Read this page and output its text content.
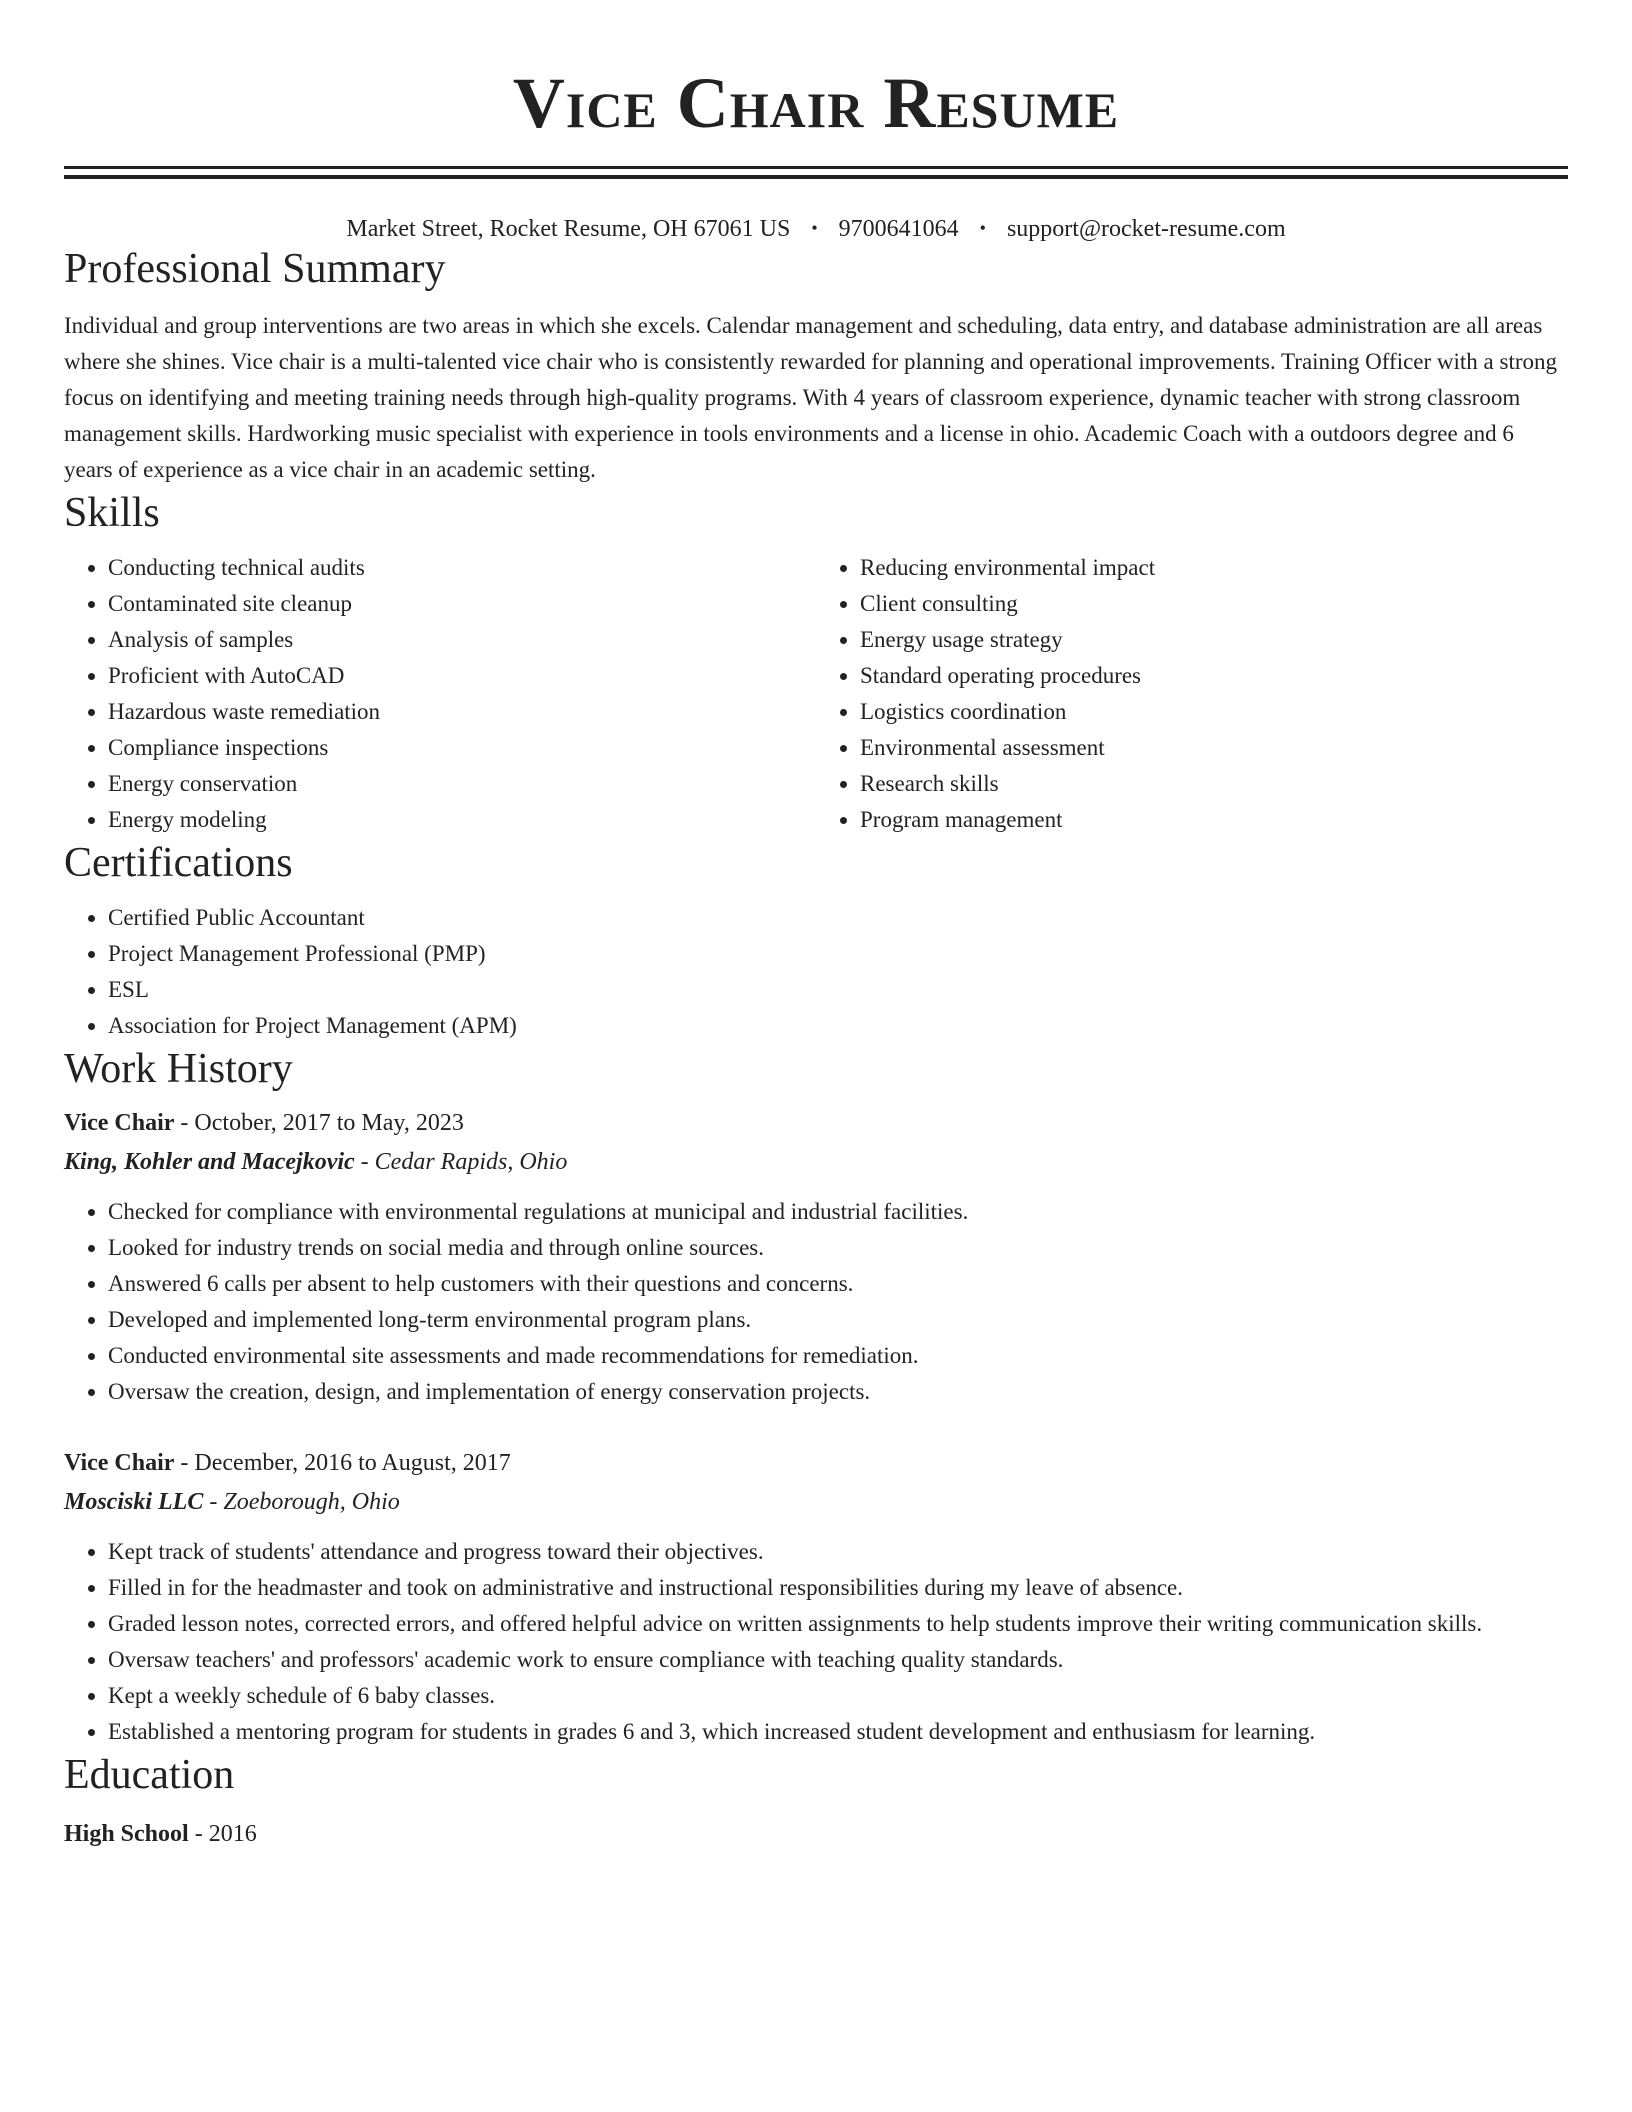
Vice Chair Resume
Market Street, Rocket Resume, OH 67061 US • 9700641064 • support@rocket-resume.com
Professional Summary

Individual and group interventions are two areas in which she excels. Calendar management and scheduling, data entry, and database administration are all areas where she shines. Vice chair is a multi-talented vice chair who is consistently rewarded for planning and operational improvements. Training Officer with a strong focus on identifying and meeting training needs through high-quality programs. With 4 years of classroom experience, dynamic teacher with strong classroom management skills. Hardworking music specialist with experience in tools environments and a license in ohio. Academic Coach with a outdoors degree and 6 years of experience as a vice chair in an academic setting.

Skills
• Conducting technical audits
• Contaminated site cleanup
• Analysis of samples
• Proficient with AutoCAD
• Hazardous waste remediation
• Compliance inspections
• Energy conservation
• Energy modeling
• Reducing environmental impact
• Client consulting
• Energy usage strategy
• Standard operating procedures
• Logistics coordination
• Environmental assessment
• Research skills
• Program management
Certifications
• Certified Public Accountant
• Project Management Professional (PMP)
• ESL
• Association for Project Management (APM)
Work History
Vice Chair - October, 2017 to May, 2023
King, Kohler and Macejkovic - Cedar Rapids, Ohio
• Checked for compliance with environmental regulations at municipal and industrial facilities.
• Looked for industry trends on social media and through online sources.
• Answered 6 calls per absent to help customers with their questions and concerns.
• Developed and implemented long-term environmental program plans.
• Conducted environmental site assessments and made recommendations for remediation.
• Oversaw the creation, design, and implementation of energy conservation projects.
Vice Chair - December, 2016 to August, 2017
Mosciski LLC - Zoeborough, Ohio
• Kept track of students' attendance and progress toward their objectives.
• Filled in for the headmaster and took on administrative and instructional responsibilities during my leave of absence.
• Graded lesson notes, corrected errors, and offered helpful advice on written assignments to help students improve their writing communication skills.
• Oversaw teachers' and professors' academic work to ensure compliance with teaching quality standards.
• Kept a weekly schedule of 6 baby classes.
• Established a mentoring program for students in grades 6 and 3, which increased student development and enthusiasm for learning.
Education
High School - 2016
